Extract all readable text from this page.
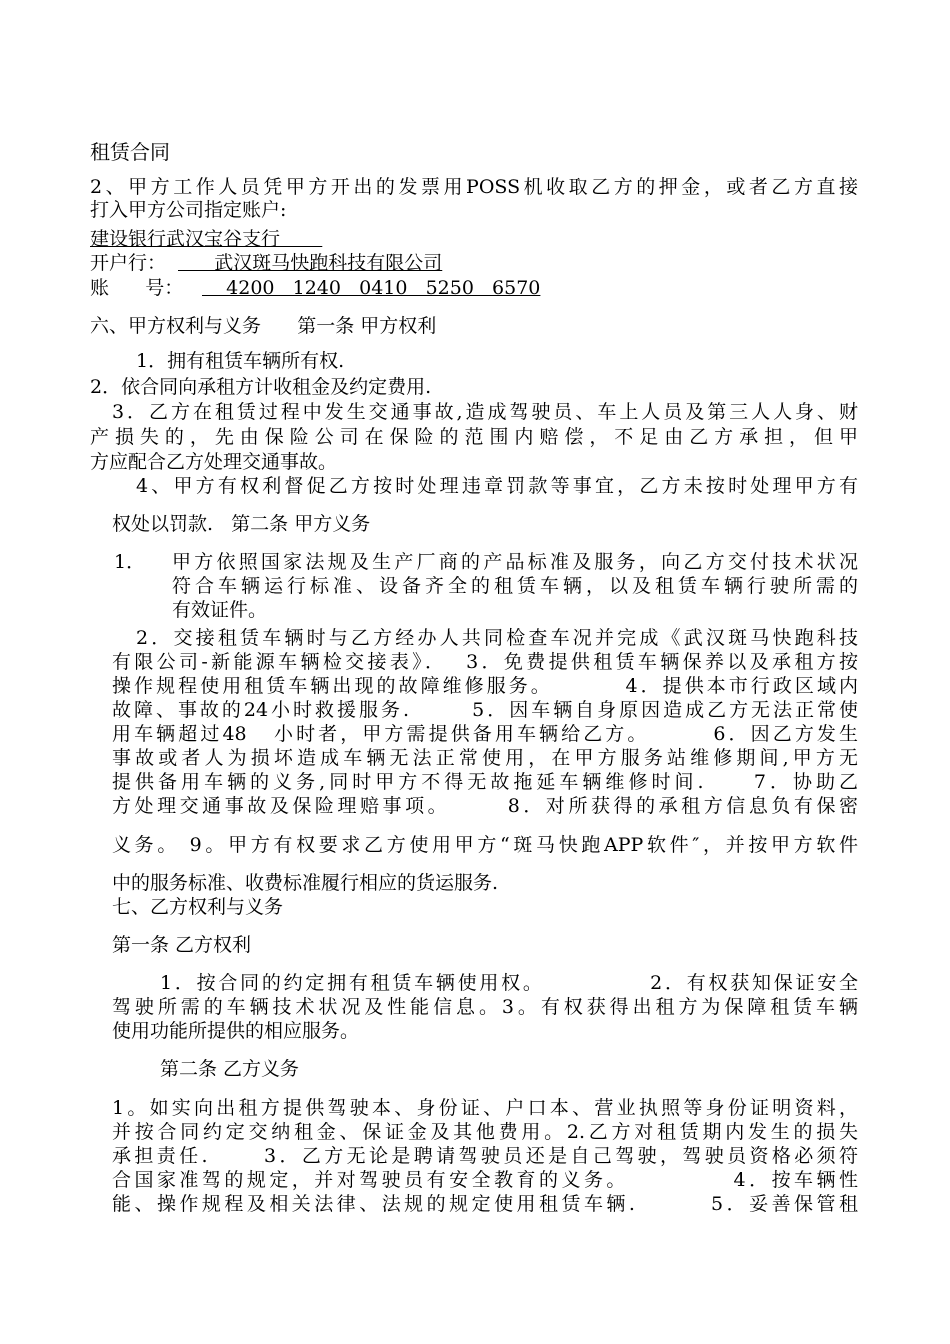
租赁合同
2、甲方工作人员凭甲方开出的发票用POSS机收取乙方的押金，或者乙方直接
打入甲方公司指定账户:
建设银行武汉宝谷支行
开户行： 武汉斑马快跑科技有限公司
账      号： 4200   1240   0410   5250   6570
六、甲方权利与义务      第一条 甲方权利
1．拥有租赁车辆所有权.
2．依合同向承租方计收租金及约定费用.
3．乙方在租赁过程中发生交通事故,造成驾驶员、车上人员及第三人人身、财
产损失的，先由保险公司在保险的范围内赔偿，不足由乙方承担，但甲
方应配合乙方处理交通事故。
4、甲方有权利督促乙方按时处理违章罚款等事宜，乙方未按时处理甲方有
权处以罚款.   第二条 甲方义务
1． 甲方依照国家法规及生产厂商的产品标准及服务，向乙方交付技术状况
符合车辆运行标准、设备齐全的租赁车辆，以及租赁车辆行驶所需的
有效证件。
2．交接租赁车辆时与乙方经办人共同检查车况并完成《武汉斑马快跑科技
有限公司-新能源车辆检交接表》．  3．免费提供租赁车辆保养以及承租方按
操作规程使用租赁车辆出现的故障维修服务。        4．提供本市行政区域内
故障、事故的24小时救援服务.       5．因车辆自身原因造成乙方无法正常使
用车辆超过48   小时者，甲方需提供备用车辆给乙方。       6．因乙方发生
事故或者人为损坏造成车辆无法正常使用，在甲方服务站维修期间,甲方无
提供备用车辆的义务,同时甲方不得无故拖延车辆维修时间.     7．协助乙
方处理交通事故及保险理赔事项。      8．对所获得的承租方信息负有保密
义务。 9。甲方有权要求乙方使用甲方“斑马快跑APP软件″，并按甲方软件
中的服务标准、收费标准履行相应的货运服务.
七、乙方权利与义务
第一条 乙方权利
1．按合同的约定拥有租赁车辆使用权。            2．有权获知保证安全
驾驶所需的车辆技术状况及性能信息。3。有权获得出租方为保障租赁车辆
使用功能所提供的相应服务。
第二条 乙方义务
1。如实向出租方提供驾驶本、身份证、户口本、营业执照等身份证明资料，
并按合同约定交纳租金、保证金及其他费用。2.乙方对租赁期内发生的损失
承担责任.      3．乙方无论是聘请驾驶员还是自己驾驶，驾驶员资格必须符
合国家准驾的规定，并对驾驶员有安全教育的义务。           4．按车辆性
能、操作规程及相关法律、法规的规定使用租赁车辆.        5．妥善保管租
